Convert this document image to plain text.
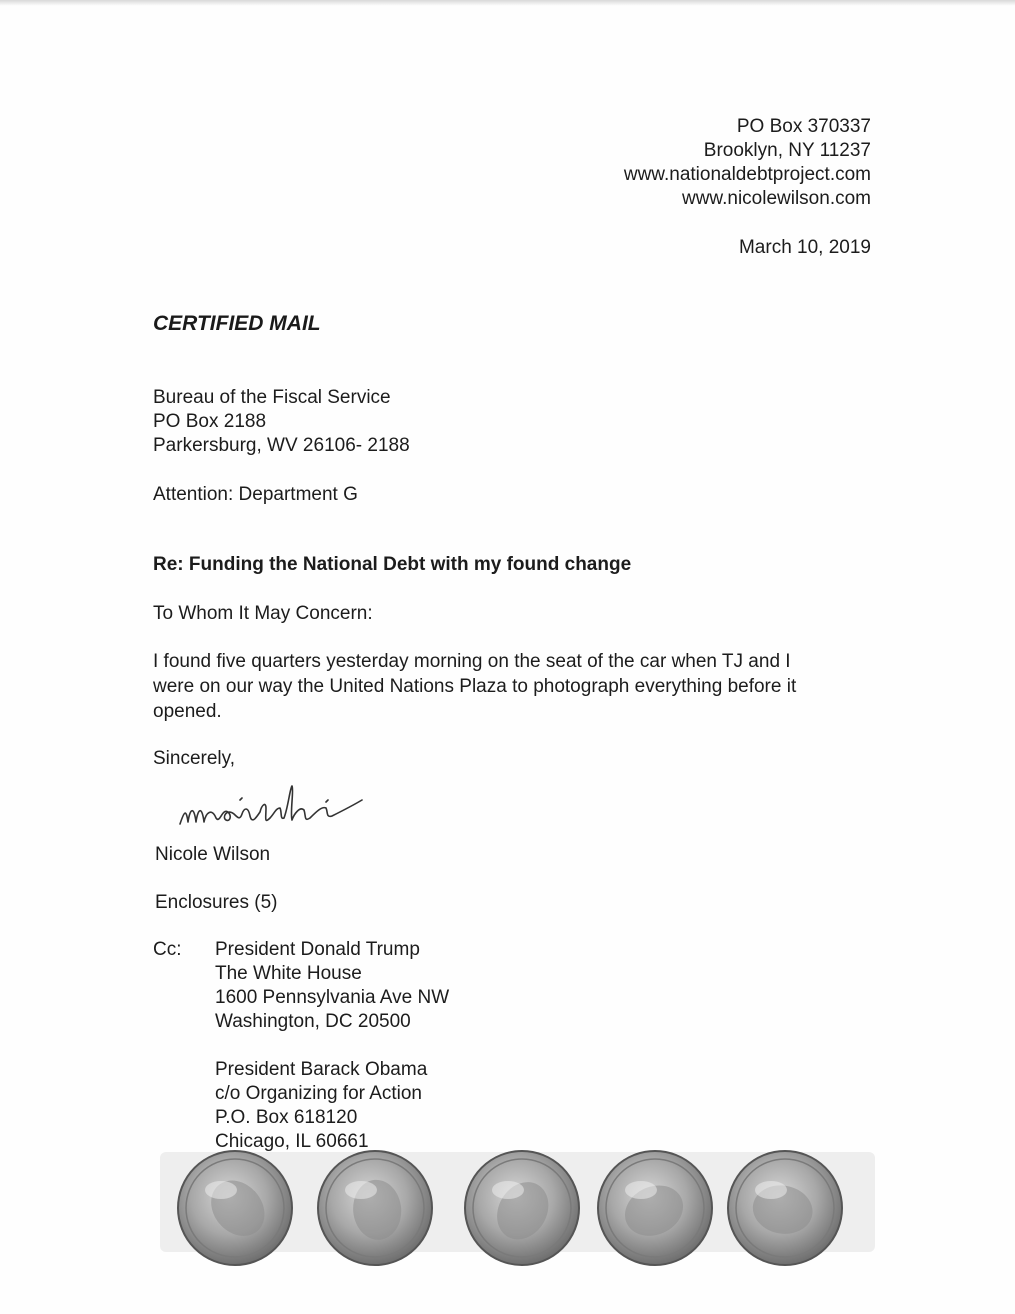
PO Box 370337
Brooklyn, NY 11237
www.nationaldebtproject.com
www.nicolewilson.com
March 10, 2019
CERTIFIED MAIL
Bureau of the Fiscal Service
PO Box 2188
Parkersburg, WV 26106- 2188
Attention: Department G
Re: Funding the National Debt with my found change
To Whom It May Concern:
I found five quarters yesterday morning on the seat of the car when TJ and I
were on our way the United Nations Plaza to photograph everything before it
opened.
Sincerely,
Nicole Wilson
Enclosures (5)
Cc: President Donald Trump
The White House
1600 Pennsylvania Ave NW
Washington, DC 20500
President Barack Obama
c/o Organizing for Action
P.O. Box 618120
Chicago, IL 60661
